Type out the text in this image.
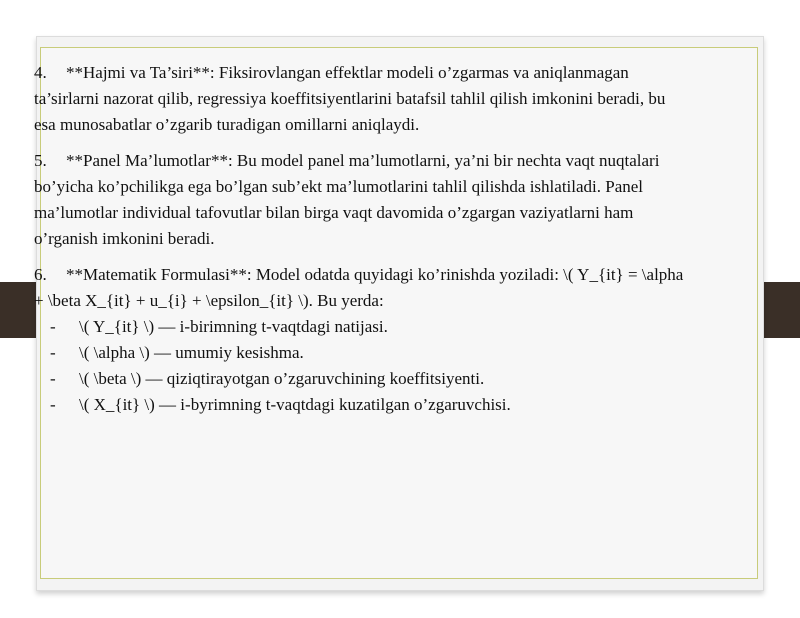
4. **Hajmi va Ta’siri**: Fiksirovlangan effektlar modeli o’zgarmas va aniqlanmagan ta’sirlarni nazorat qilib, regressiya koeffitsiyentlarini batafsil tahlil qilish imkonini beradi, bu esa munosabatlar o’zgarib turadigan omillarni aniqlaydi.

5. **Panel Ma’lumotlar**: Bu model panel ma’lumotlarni, ya’ni bir nechta vaqt nuqtalari bo’yicha ko’pchilikga ega bo’lgan sub’ekt ma’lumotlarini tahlil qilishda ishlatiladi. Panel ma’lumotlar individual tafovutlar bilan birga vaqt davomida o’zgargan vaziyatlarni ham o’rganish imkonini beradi.

6. **Matematik Formulasi**: Model odatda quyidagi ko’rinishda yoziladi: \( Y_{it} = \alpha + \beta X_{it} + u_{i} + \epsilon_{it} \). Bu yerda:

- \( Y_{it} \) — i-birimning t-vaqtdagi natijasi.
- \( \alpha \) — umumiy kesishma.
- \( \beta \) — qiziqtirayotgan o’zgaruvchining koeffitsiyenti.
- \( X_{it} \) — i-byrimning t-vaqtdagi kuzatilgan o’zgaruvchisi.
